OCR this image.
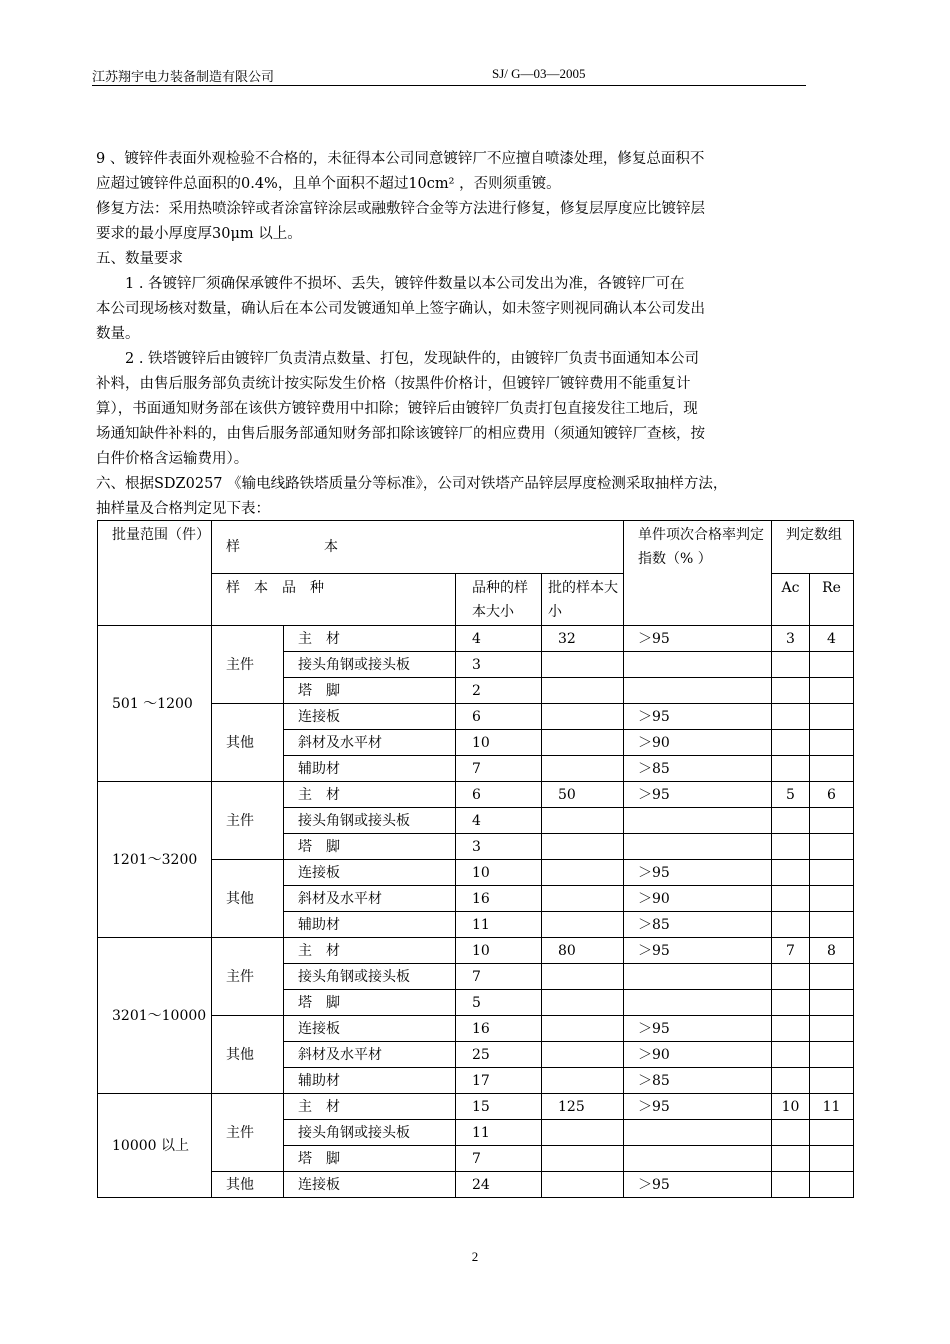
江苏翔宇电力装备制造有限公司	SJ/ G—03—2005
9 、镀锌件表面外观检验不合格的，未征得本公司同意镀锌厂不应擅自喷漆处理，修复总面积不
应超过镀锌件总面积的0.4%，且单个面积不超过10cm² ，否则须重镀。
修复方法：采用热喷涂锌或者涂富锌涂层或融敷锌合金等方法进行修复，修复层厚度应比镀锌层
要求的最小厚度厚30μm 以上。
五、数量要求
　　1 . 各镀锌厂须确保承镀件不损坏、丢失，镀锌件数量以本公司发出为准，各镀锌厂可在
本公司现场核对数量，确认后在本公司发镀通知单上签字确认，如未签字则视同确认本公司发出
数量。
　　2 . 铁塔镀锌后由镀锌厂负责清点数量、打包，发现缺件的，由镀锌厂负责书面通知本公司
补料，由售后服务部负责统计按实际发生价格（按黑件价格计，但镀锌厂镀锌费用不能重复计
算），书面通知财务部在该供方镀锌费用中扣除；镀锌后由镀锌厂负责打包直接发往工地后，现
场通知缺件补料的，由售后服务部通知财务部扣除该镀锌厂的相应费用（须通知镀锌厂查核，按
白件价格含运输费用）。
六、根据SDZ0257 《输电线路铁塔质量分等标准》，公司对铁塔产品锌层厚度检测采取抽样方法，
抽样量及合格判定见下表：
批量范围（件）	样　　　　　　本				单件项次合格率判定指数（% ）	判定数组	
	样　本　品　种		品种的样本大小	批的样本大小		Ac	Re
501 ～1200	主件	主　材	4	32	＞95	3	4
		接头角钢或接头板	3				
		塔　脚	2				
	其他	连接板	6		＞95		
		斜材及水平材	10		＞90		
		辅助材	7		＞85		
1201～3200	主件	主　材	6	50	＞95	5	6
		接头角钢或接头板	4				
		塔　脚	3				
	其他	连接板	10		＞95		
		斜材及水平材	16		＞90		
		辅助材	11		＞85		
3201～10000	主件	主　材	10	80	＞95	7	8
		接头角钢或接头板	7				
		塔　脚	5				
	其他	连接板	16		＞95		
		斜材及水平材	25		＞90		
		辅助材	17		＞85		
10000 以上	主件	主　材	15	125	＞95	10	11
		接头角钢或接头板	11				
		塔　脚	7				
	其他	连接板	24		＞95		
2
